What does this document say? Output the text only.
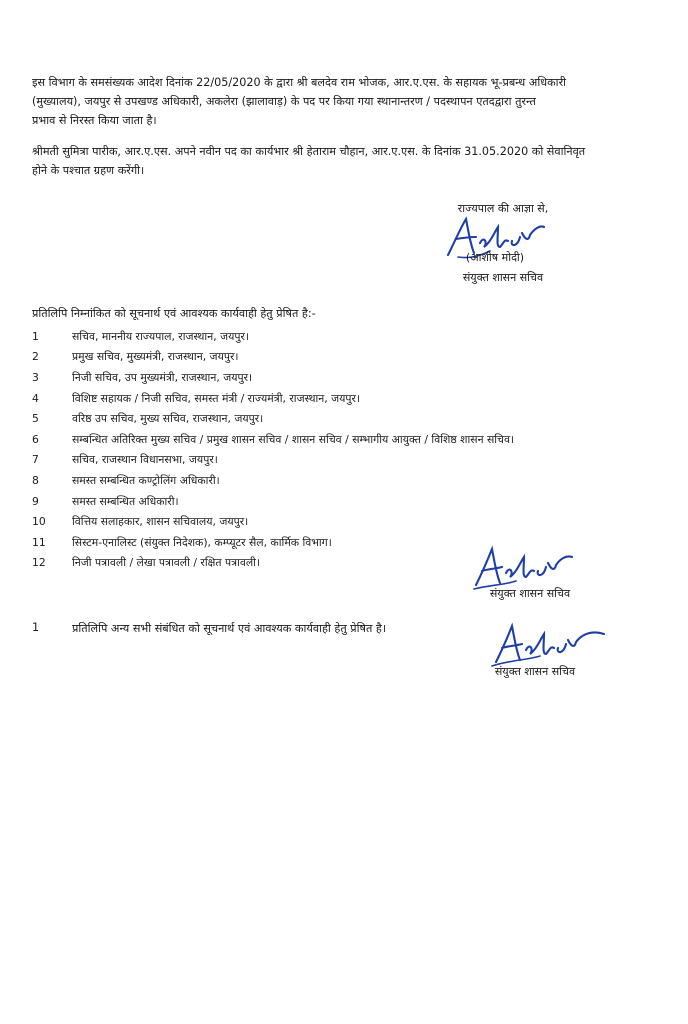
इस विभाग के समसंख्यक आदेश दिनांक 22/05/2020 के द्वारा श्री बलदेव राम भोजक, आर.ए.एस. के सहायक भू-प्रबन्ध अधिकारी

(मुख्यालय), जयपुर से उपखण्ड अधिकारी, अकलेरा (झालावाड़) के पद पर किया गया स्थानान्तरण / पदस्थापन एतदद्वारा तुरन्त

प्रभाव से निरस्त किया जाता है।

श्रीमती सुमित्रा पारीक, आर.ए.एस. अपने नवीन पद का कार्यभार श्री हेताराम चौहान, आर.ए.एस. के दिनांक 31.05.2020 को सेवानिवृत

होने के पश्चात ग्रहण करेंगी।

राज्यपाल की आज्ञा से,
(आशीष मोदी)
संयुक्त शासन सचिव
प्रतिलिपि निम्नांकित को सूचनार्थ एवं आवश्यक कार्यवाही हेतु प्रेषित है:-
1	सचिव, माननीय राज्यपाल, राजस्थान, जयपुर।
2	प्रमुख सचिव, मुख्यमंत्री, राजस्थान, जयपुर।
3	निजी सचिव, उप मुख्यमंत्री, राजस्थान, जयपुर।
4	विशिष्ट सहायक / निजी सचिव, समस्त मंत्री / राज्यमंत्री, राजस्थान, जयपुर।
5	वरिष्ठ उप सचिव, मुख्य सचिव, राजस्थान, जयपुर।
6	सम्बन्धित अतिरिक्त मुख्य सचिव / प्रमुख शासन सचिव / शासन सचिव / सम्भागीय आयुक्त / विशिष्ठ शासन सचिव।
7	सचिव, राजस्थान विधानसभा, जयपुर।
8	समस्त सम्बन्धित कण्ट्रोलिंग अधिकारी।
9	समस्त सम्बन्धित अधिकारी।
10	वित्तिय सलाहकार, शासन सचिवालय, जयपुर।
11	सिस्टम-एनालिस्ट (संयुक्त निदेशक), कम्प्यूटर सैल, कार्मिक विभाग।
12	निजी पत्रावली / लेखा पत्रावली / रक्षित पत्रावली।
संयुक्त शासन सचिव
1	प्रतिलिपि अन्य सभी संबंधित को सूचनार्थ एवं आवश्यक कार्यवाही हेतु प्रेषित है।
संयुक्त शासन सचिव
